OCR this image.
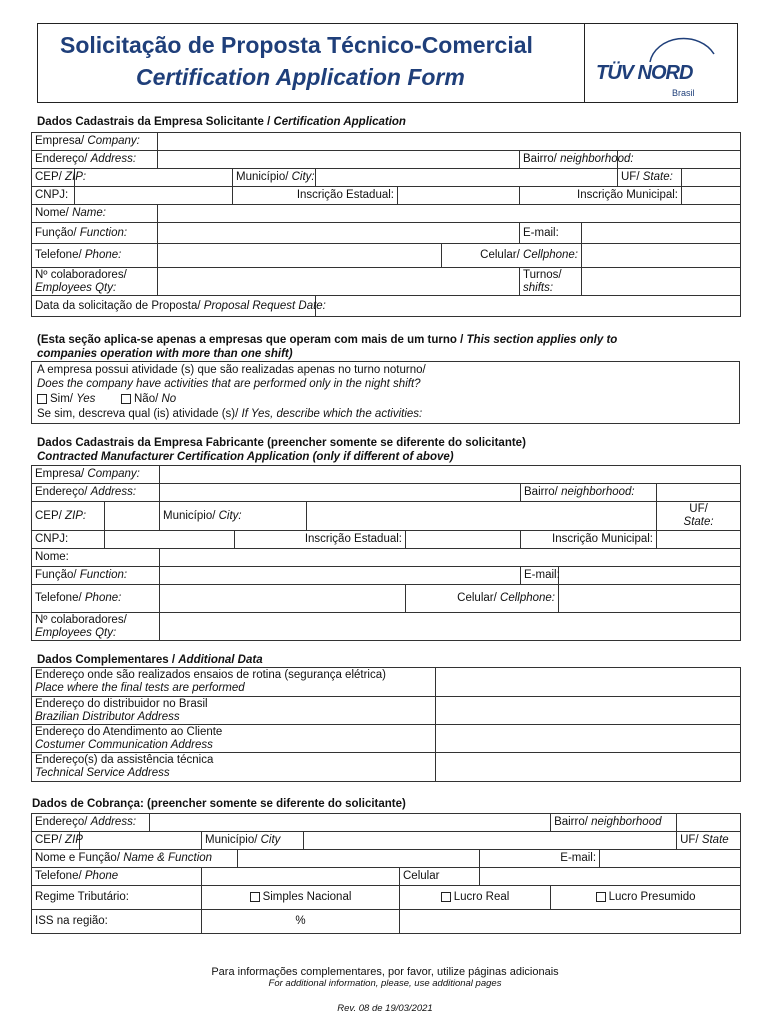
Solicitação de Proposta Técnico-Comercial
Certification Application Form	TÜV NORD
Brasil
Dados Cadastrais da Empresa Solicitante / Certification Application
Empresa/ Company:										
Endereço/ Address:							Bairro/ neighborhood:			
CEP/ ZIP:			Município/ City:						UF/ State:	
CNPJ:			Inscrição Estadual:				Inscrição Municipal:			
Nome/ Name:										
Função/ Function:							E-mail:			
Telefone/ Phone:						Celular/ Cellphone:				
Nº colaboradores/
Employees Qty:							Turnos/
shifts:			
Data da solicitação de Proposta/ Proposal Request Date:										
(Esta seção aplica-se apenas a empresas que operam com mais de um turno / This section applies only to
companies operation with more than one shift)
A empresa possui atividade (s) que são realizadas apenas no turno noturno/
Does the company have activities that are performed only in the night shift?
Sim/ Yes	Não/ No
Se sim, descreva qual (is) atividade (s)/ If Yes, describe which the activities:
Dados Cadastrais da Empresa Fabricante (preencher somente se diferente do solicitante)
Contracted Manufacturer Certification Application (only if different of above)
Empresa/ Company:								
Endereço/ Address:						Bairro/ neighborhood:		
CEP/ ZIP:		Município/ City:						UF/
State:
CNPJ:			Inscrição Estadual:			Inscrição Municipal:		
Nome:								
Função/ Function:						E-mail:		
Telefone/ Phone:					Celular/ Cellphone:			
Nº colaboradores/
Employees Qty:								
Dados Complementares / Additional Data
Endereço onde são realizados ensaios de rotina (segurança elétrica)
Place where the final tests are performed	
Endereço do distribuidor no Brasil
Brazilian Distributor Address	
Endereço do Atendimento ao Cliente
Costumer Communication Address	
Endereço(s) da assistência técnica
Technical Service Address	
Dados de Cobrança: (preencher somente se diferente do solicitante)
Endereço/ Address:								Bairro/ neighborhood		
CEP/ ZIP			Município/ City							UF/ State
Nome e Função/ Name & Function							E-mail:			
Telefone/ Phone						Celular				
Regime Tributário:			Simples Nacional			Lucro Real		Lucro Presumido		
ISS na região:			%							
Para informações complementares, por favor, utilize páginas adicionais
For additional information, please, use additional pages
Rev. 08 de 19/03/2021
